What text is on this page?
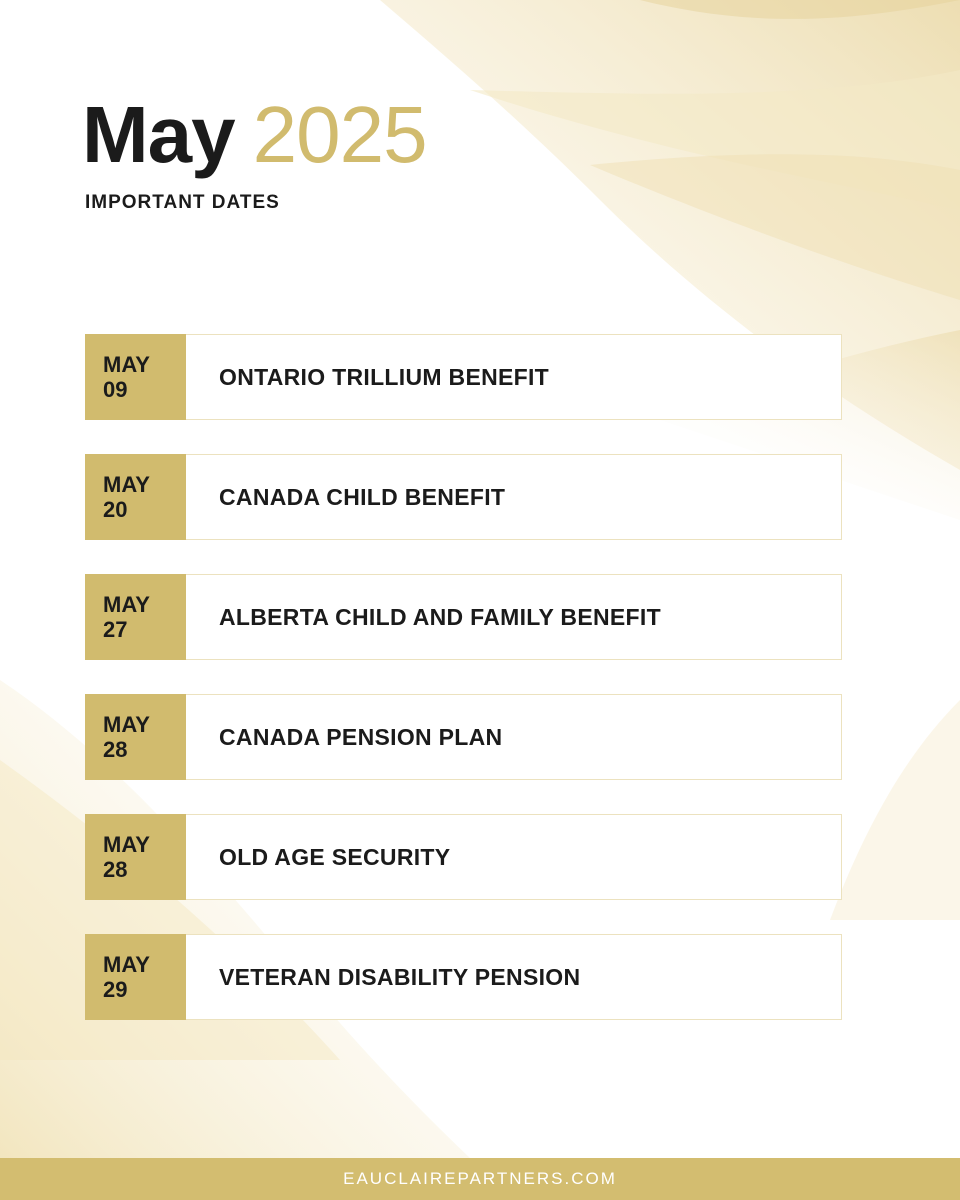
May 2025
IMPORTANT DATES
MAY
09	ONTARIO TRILLIUM BENEFIT
MAY
20	CANADA CHILD BENEFIT
MAY
27	ALBERTA CHILD AND FAMILY BENEFIT
MAY
28	CANADA PENSION PLAN
MAY
28	OLD AGE SECURITY
MAY
29	VETERAN DISABILITY PENSION
EAUCLAIREPARTNERS.COM
